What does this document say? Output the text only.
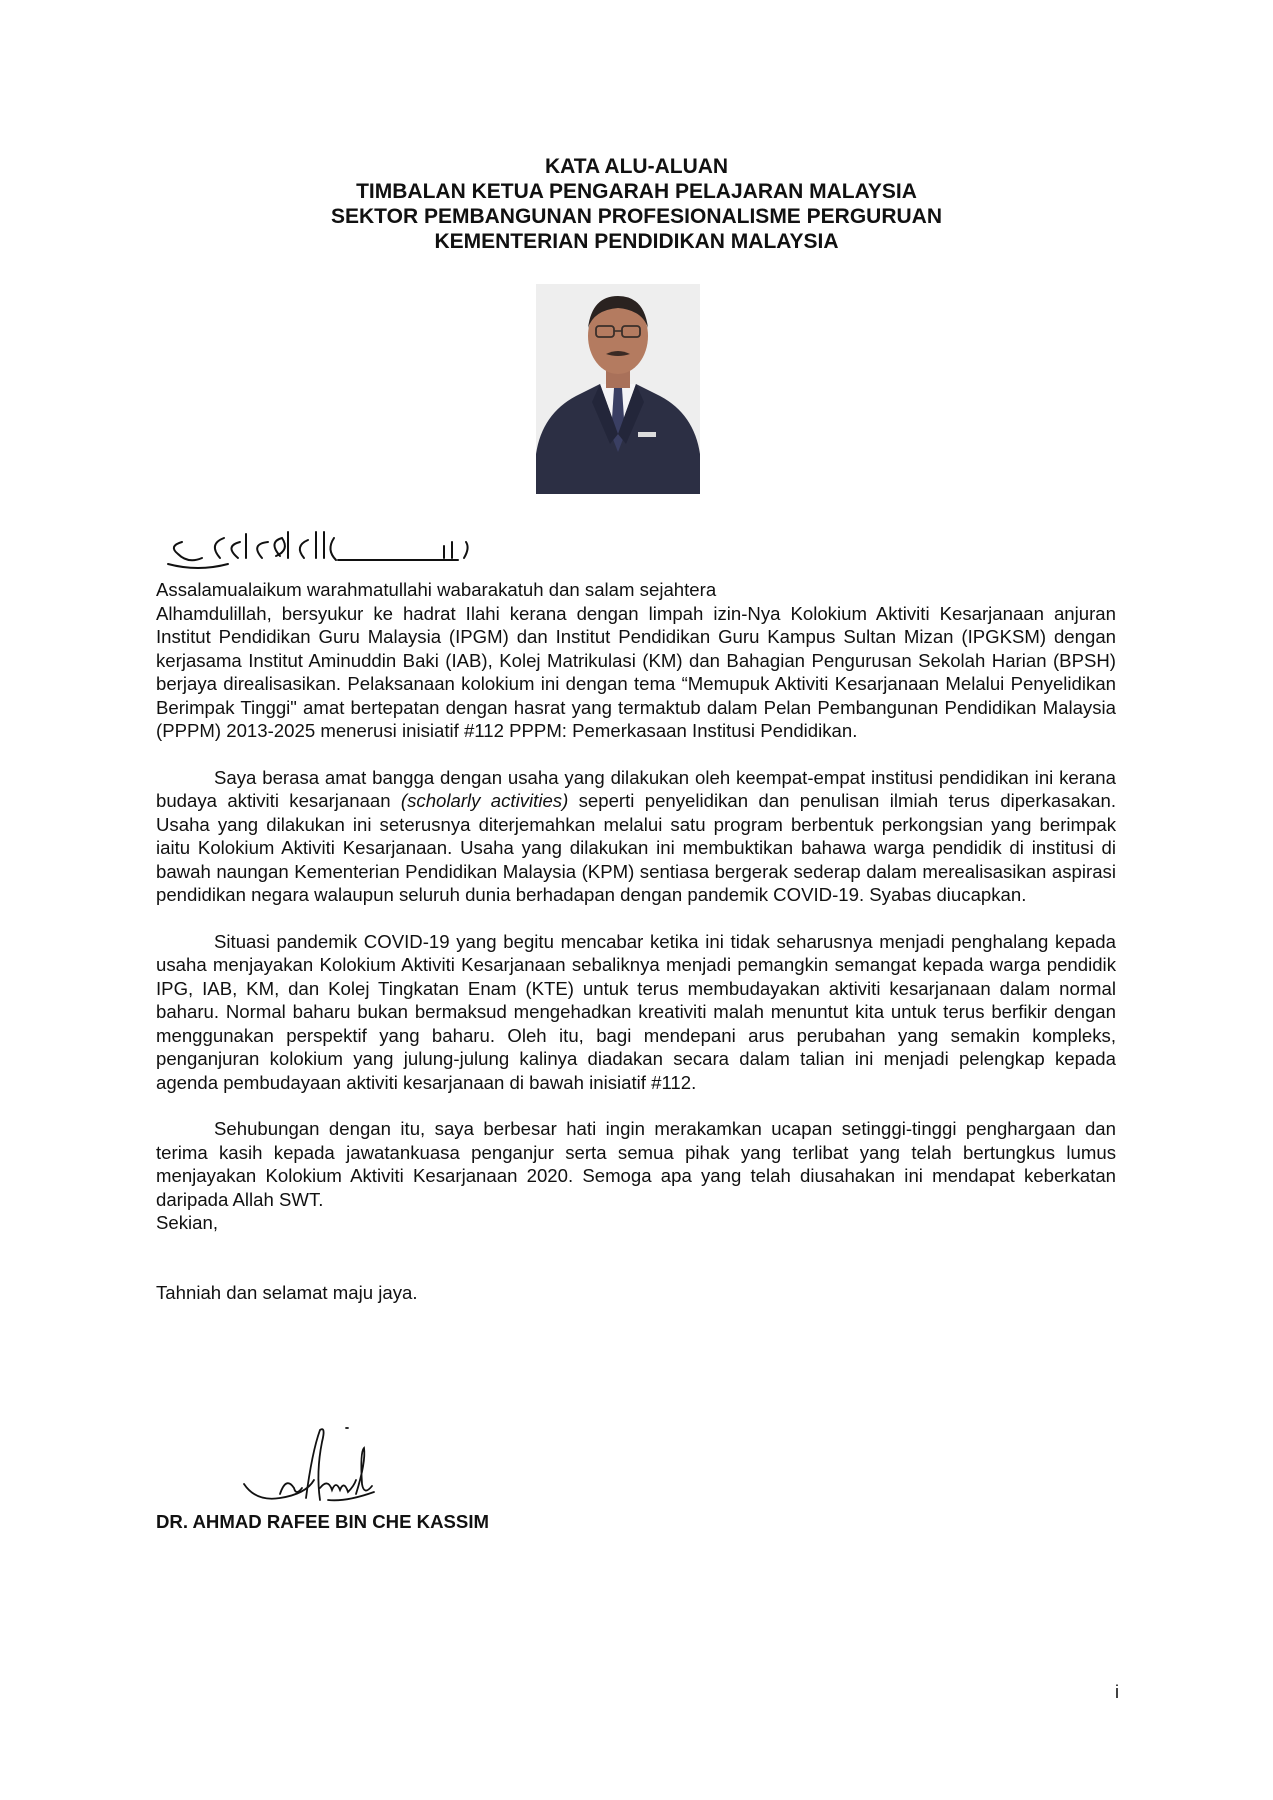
KATA ALU-ALUAN
TIMBALAN KETUA PENGARAH PELAJARAN MALAYSIA
SEKTOR PEMBANGUNAN PROFESIONALISME PERGURUAN
KEMENTERIAN PENDIDIKAN MALAYSIA

Assalamualaikum warahmatullahi wabarakatuh dan salam sejahtera

Alhamdulillah, bersyukur ke hadrat Ilahi kerana dengan limpah izin-Nya Kolokium Aktiviti Kesarjanaan anjuran Institut Pendidikan Guru Malaysia (IPGM) dan Institut Pendidikan Guru Kampus Sultan Mizan (IPGKSM) dengan kerjasama Institut Aminuddin Baki (IAB), Kolej Matrikulasi (KM) dan Bahagian Pengurusan Sekolah Harian (BPSH) berjaya direalisasikan. Pelaksanaan kolokium ini dengan tema “Memupuk Aktiviti Kesarjanaan Melalui Penyelidikan Berimpak Tinggi" amat bertepatan dengan hasrat yang termaktub dalam Pelan Pembangunan Pendidikan Malaysia (PPPM) 2013-2025 menerusi inisiatif #112 PPPM: Pemerkasaan Institusi Pendidikan.

Saya berasa amat bangga dengan usaha yang dilakukan oleh keempat-empat institusi pendidikan ini kerana budaya aktiviti kesarjanaan (scholarly activities) seperti penyelidikan dan penulisan ilmiah terus diperkasakan. Usaha yang dilakukan ini seterusnya diterjemahkan melalui satu program berbentuk perkongsian yang berimpak iaitu Kolokium Aktiviti Kesarjanaan. Usaha yang dilakukan ini membuktikan bahawa warga pendidik di institusi di bawah naungan Kementerian Pendidikan Malaysia (KPM) sentiasa bergerak sederap dalam merealisasikan aspirasi pendidikan negara walaupun seluruh dunia berhadapan dengan pandemik COVID-19. Syabas diucapkan.

Situasi pandemik COVID-19 yang begitu mencabar ketika ini tidak seharusnya menjadi penghalang kepada usaha menjayakan Kolokium Aktiviti Kesarjanaan sebaliknya menjadi pemangkin semangat kepada warga pendidik IPG, IAB, KM, dan Kolej Tingkatan Enam (KTE) untuk terus membudayakan aktiviti kesarjanaan dalam normal baharu. Normal baharu bukan bermaksud mengehadkan kreativiti malah menuntut kita untuk terus berfikir dengan menggunakan perspektif yang baharu. Oleh itu, bagi mendepani arus perubahan yang semakin kompleks, penganjuran kolokium yang julung-julung kalinya diadakan secara dalam talian ini menjadi pelengkap kepada agenda pembudayaan aktiviti kesarjanaan di bawah inisiatif #112.

Sehubungan dengan itu, saya berbesar hati ingin merakamkan ucapan setinggi-tinggi penghargaan dan terima kasih kepada jawatankuasa penganjur serta semua pihak yang terlibat yang telah bertungkus lumus menjayakan Kolokium Aktiviti Kesarjanaan 2020. Semoga apa yang telah diusahakan ini mendapat keberkatan daripada Allah SWT.

Sekian,

Tahniah dan selamat maju jaya.

DR. AHMAD RAFEE BIN CHE KASSIM
i
